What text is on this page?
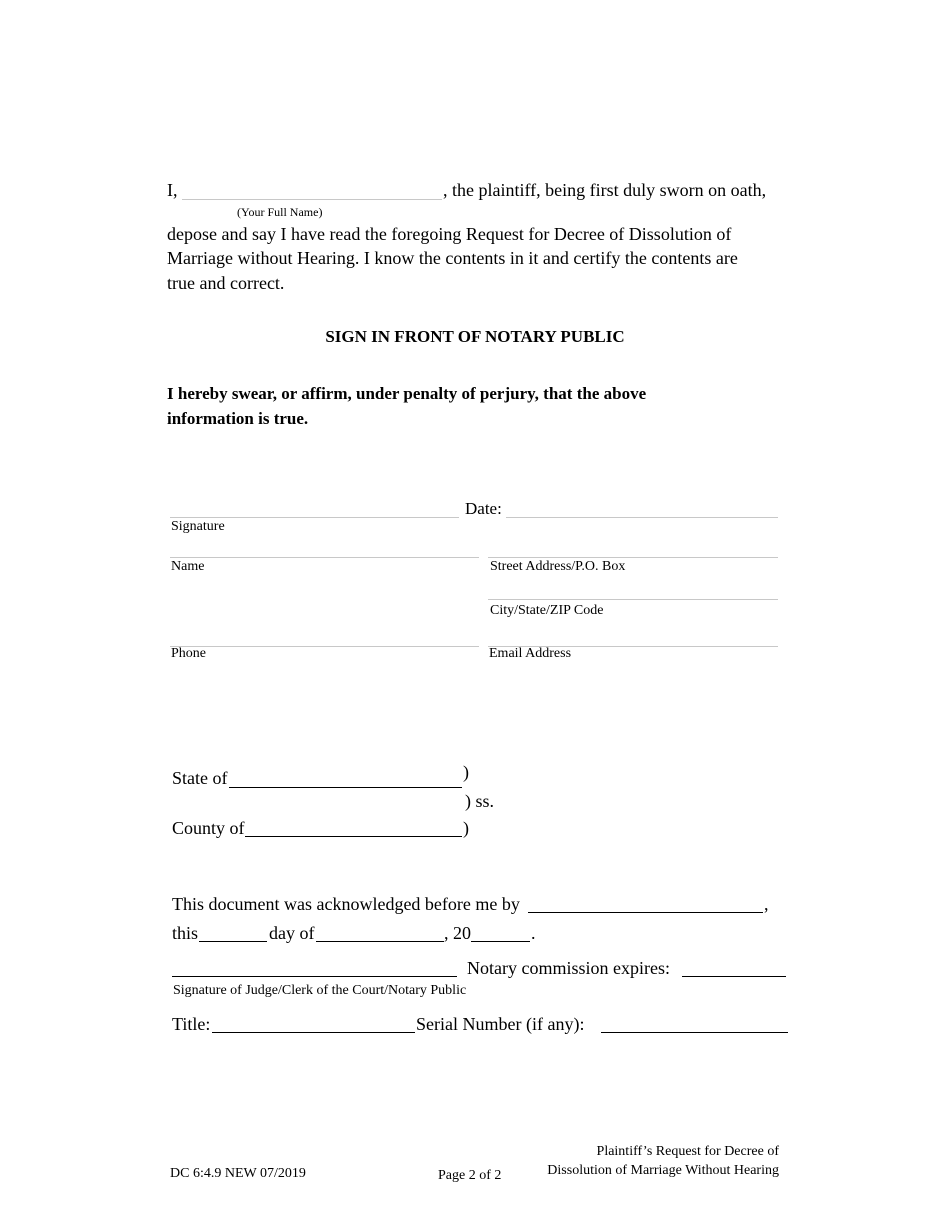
I,	, the plaintiff, being first duly sworn on oath,
(Your Full Name)
depose and say I have read the foregoing Request for Decree of Dissolution of
Marriage without Hearing. I know the contents in it and certify the contents are
true and correct.
SIGN IN FRONT OF NOTARY PUBLIC
I hereby swear, or affirm, under penalty of perjury, that the above
information is true.
Date:
Signature
Name	Street Address/P.O. Box
City/State/ZIP Code
Phone	Email Address
State of	)
) ss.
County of	)
This document was acknowledged before me by	,
this	day of	, 20	.
Notary commission expires:
Signature of Judge/Clerk of the Court/Notary Public
Title:	Serial Number (if any):
DC 6:4.9 NEW 07/2019	Page 2 of 2
Plaintiff’s Request for Decree of
Dissolution of Marriage Without Hearing
